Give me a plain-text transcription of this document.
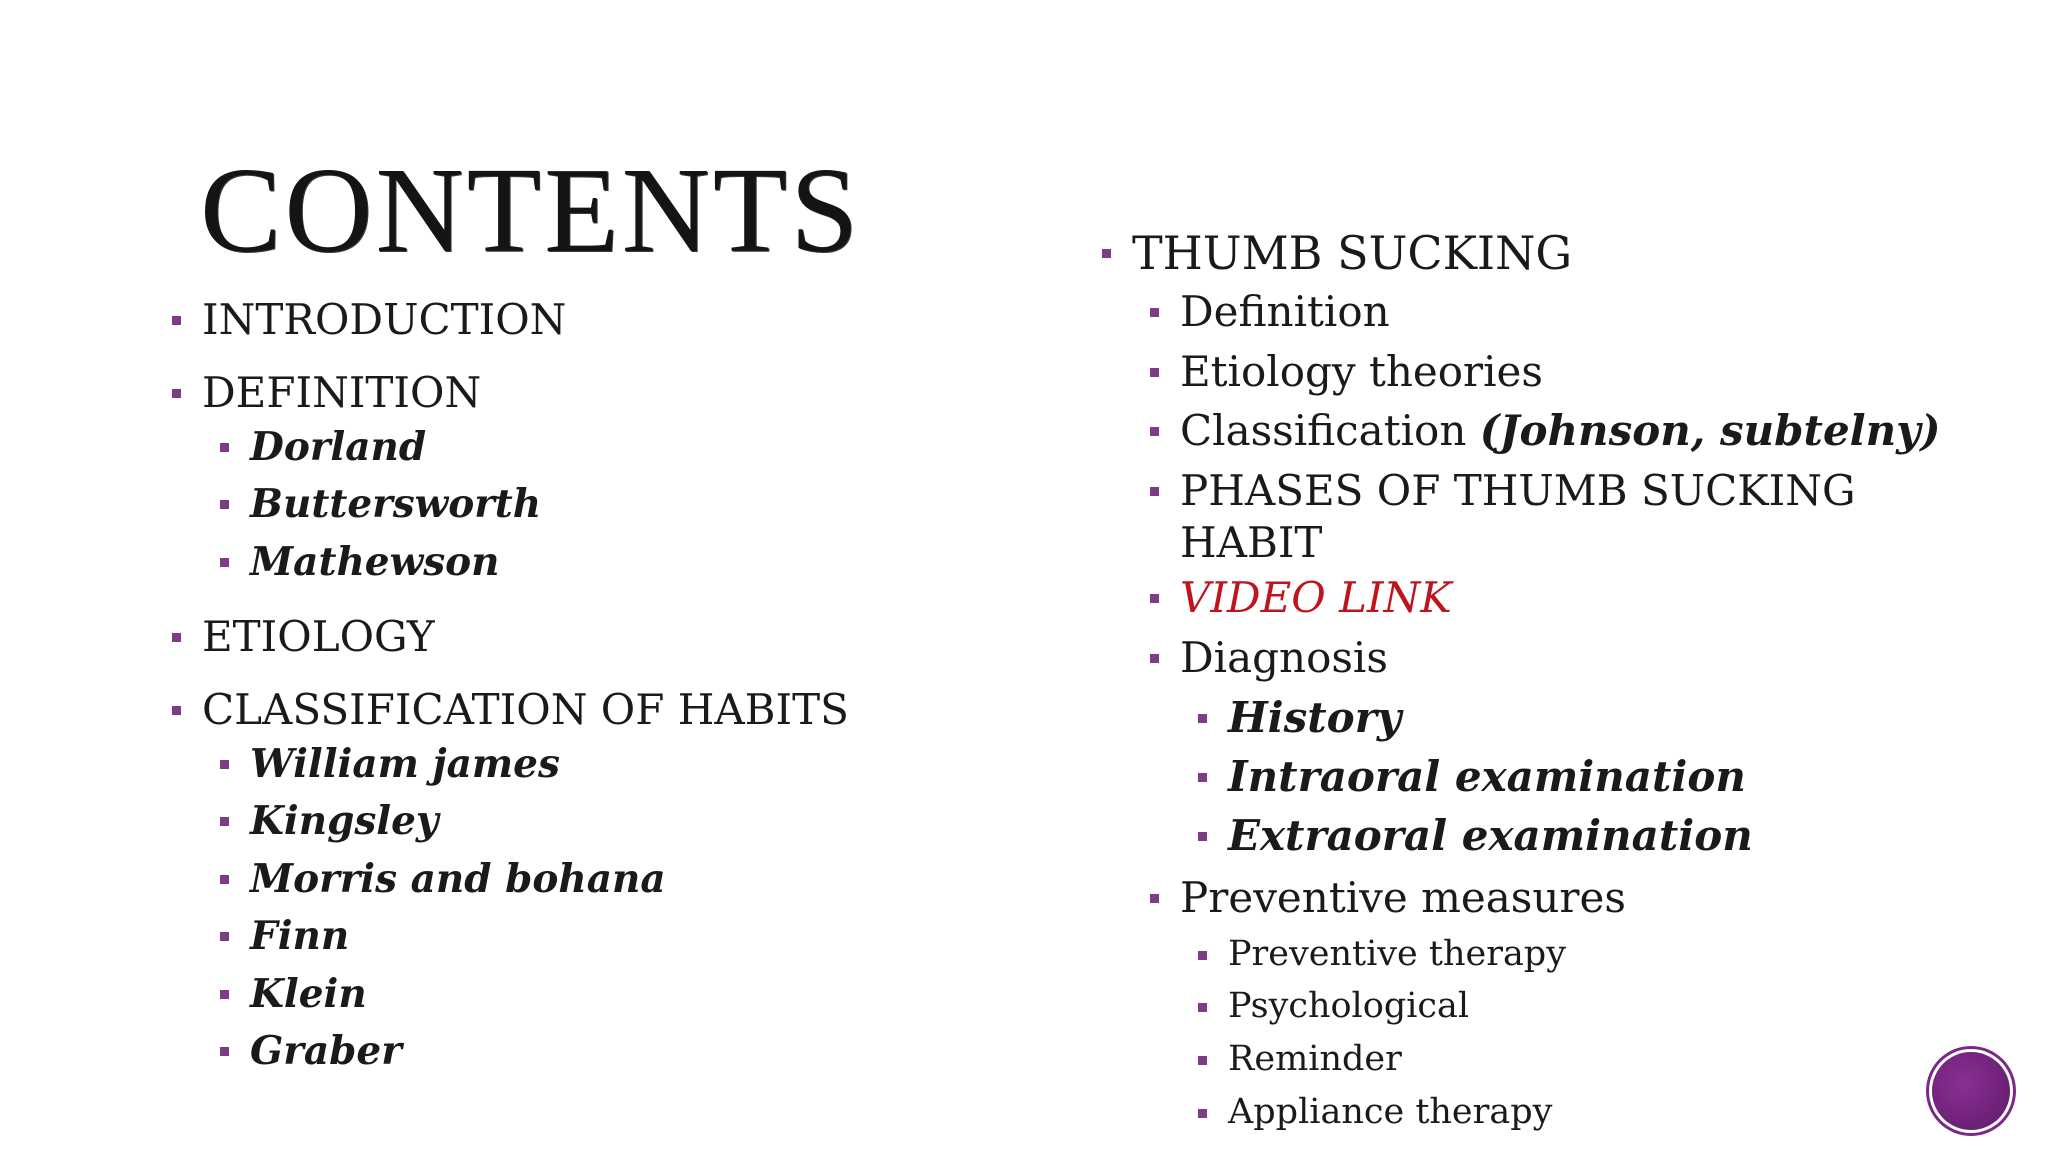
CONTENTS
INTRODUCTION
DEFINITION
Dorland
Buttersworth
Mathewson
ETIOLOGY
CLASSIFICATION OF HABITS
William james
Kingsley
Morris and bohana
Finn
Klein
Graber
THUMB SUCKING
Definition
Etiology theories
Classification (Johnson, subtelny)
PHASES OF THUMB SUCKING
HABIT
VIDEO LINK
Diagnosis
History
Intraoral examination
Extraoral examination
Preventive measures
Preventive therapy
Psychological
Reminder
Appliance therapy
